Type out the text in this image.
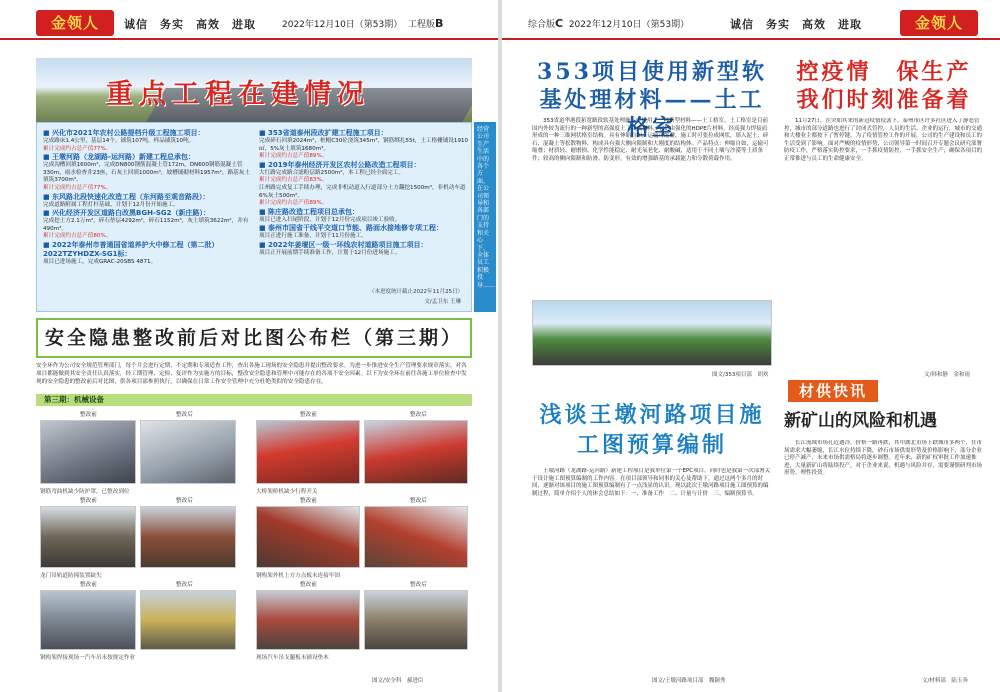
金领人	诚信　务实　高效　进取	2022年12月10日（第53期） 工程版B
重点工程在建情况
■ 兴化市2021年农村公路提档升级工程施工项目：
完成路床1.4公里，基层14个，铺筑107吨，样品铺筑10吨。
累计完成约占总产值77%。
■ 王墩河路（龙湖路-运河路）新建工程总承包：
完成沟槽回填1600m³，完成DN800钢筋混凝土管172m，DN600钢筋混凝土管330m，雨水检查井23座，石灰土回填1000m³，坡槽铺砌材料1957m²，路基灰土填筑3700m³。
累计完成约占总产值77%。
■ 东风路北段快速化改造工程（东河路至观音路段）：
完成道路附属工程灯杆基础，计划于12月份开始施工。
■ 兴化经济开发区道路白改黑BGH-SG2（新庄路）：
完成挖土方2.1万m³，碎石垫层4292m²，碎石1152m³，灰土填筑3622m²，并有490m³。
累计完成约占总产值80%。
■ 2022年泰州市普通国省道养护大中修工程（第二批）2022TZYHDZX-SG1标：
项目已进场施工，完成GRAC-20SBS 4871。
■ 353省道泰州段改扩建工程施工项目：
完成碎石回填2024m²，桩帽C30砼浇筑345m³，钢筋绑扎55t，土工格栅铺设1910㎡，5%灰土填筑1680m³。
累计完成约占总产值89%。
■ 2019年泰州经济开发区农村公路改造工程项目：
大红路完成路合滤粉层路2500m²，本工程已经全面完工。
累计完成约占总产值83%。
江州路完成复工手续办理，完成非机动道入行道部分土方翻挖1500m³，非机动车道6%灰土500m²。
累计完成约占总产值89%。
■ 陈庄路改造工程项目总承包：
项目已进入扫尾阶段，计划于12月份完成项目竣工验收。
■ 泰州市国省干线平交道口节能、路面水接地修专项工程：
项目正进行施工准备，计划于11月份施工。
■ 2022年姜堰区一级一环线农村道路项目施工项目：
项目正开展前期手续准备工作，计划于12月份进场施工。
（本进度统计截止2022年11月25日）
文/孟卫东 王琳
经营公司生产生活中的各个方面，在公司领导和各部门的支持和关心下，全体员工积极投身……
安全隐患整改前后对比图公布栏（第三期）
安全环作为公司安全规范管理部门，每个月会进行定期、不定期和专项适查工作，查出各施工现场的安全隐患并提出整改要求。为进一步推进安全生产管理要求规章落实，对各项目都能做到其安全责任认真落实，经工期管理、定检、复评作为实施方的目标，整改安全隐患和管理中可能存在的各项不安全因素。以下为安全环在前往各施工单位检查中发现的安全隐患的整改前后对比图，供各项目部参照执行，以确保在日常工作安全管理中充分杜绝类似的安全隐患存在。
第三期：机械设备
整改前	整改后	整改前	整改后
钢筋弯曲机缺少防护罩，已整改到位	大桥架桥机缺少行程开关
整改前	整改后	整改前	整改后
龙门吊轨道防撞装置缺失	钢构架外机上方方点板末连接牢固
整改前	整改后	整改前	整改后
钢构架焊接现场一汽车吊未按规定作业	现场汽车吊支腿板未铺设垫木
图文/安全科　郝进臣
综合版C 2022年12月10日（第53期）	诚信　务实　高效　进取	金领人
353项目使用新型软基处理材料——土工格室
353省道华港段拓宽路段软基处理施工中使用了一种新型材料——土工格室。土工格室是目前国内外较为流行的一种新型的高强度土工合成材料，它是由强化的HDPE片材料，经高强力焊接而形成的一种三维网状格室结构。具有伸缩自如，运输可缩叠，施工时可张拉成网状，填入泥土、碎石、混凝土等松散物料，构成具有强大侧向限制和大刚度的结构体。产品特点：伸缩自如，运输可缩叠；材质轻、耐磨损、化学性能稳定、耐光氧老化、耐酸碱，适用于不同土壤与沙漠等土质条件；较高的侧向限制和防滑、防变形，有效的增强路基的承载能力和分散荷载作用。
图文/353项目部　胡欢
控疫情　保生产 我们时刻准备着
11月27日，在突如其来的新冠疫情侵袭下，泰州市区许多社区进入了静态管控，城市的部分道路也进行了封闭式管控，人员的生活、企业的运行，城市的交通和大楼业主都按下了暂停键。为了疫情管控工作的开展，公司的生产建设和员工的生活受到了影响。面对严峻的疫情形势，公司领导第一时间召开专题会议研究部署防疫工作，严格落实防控要求，一手抓疫情防控，一手抓安全生产，确保各项目的正常推进与员工的生命健康安全。
文/韩和静　金和雨
浅谈王墩河路项目施工图预算编制
王墩河路（龙湖路-运河路）新建工程项目是我单位第一个EPC项目，同时也是我第一次部署关于设计施工图预算编制的工作内容。在项目部领导和同事的关心及帮助下，通过这两个多月的时间，逐渐对该项目的施工图预算编制有了一点浅显的认识。现以此次王墩河路项目施工图预算的编制过程，简单介绍个人的体会总结如下：一、准备工作　二、计量与计价　三、编制预算书。
图文/王墩河路项目部　魏颖秀
材供快讯
新矿山的风险和机遇
长江流域市场孔近遇冷，价格一路再跌，其中湖北市场下跌城市多两个，在市场需求大幅萎缩，长江水位持续下降，砂石市场供需形势及价格影响下，部分企业已停产减产，未来市场供需格局将逐步调整。近年来，新的矿权审批工作加速推进，大量新矿山将陆续投产，对于企业来说，机遇与风险并存，需要谨慎研判市场形势，理性投资。
文/材料部　陆玉奔
